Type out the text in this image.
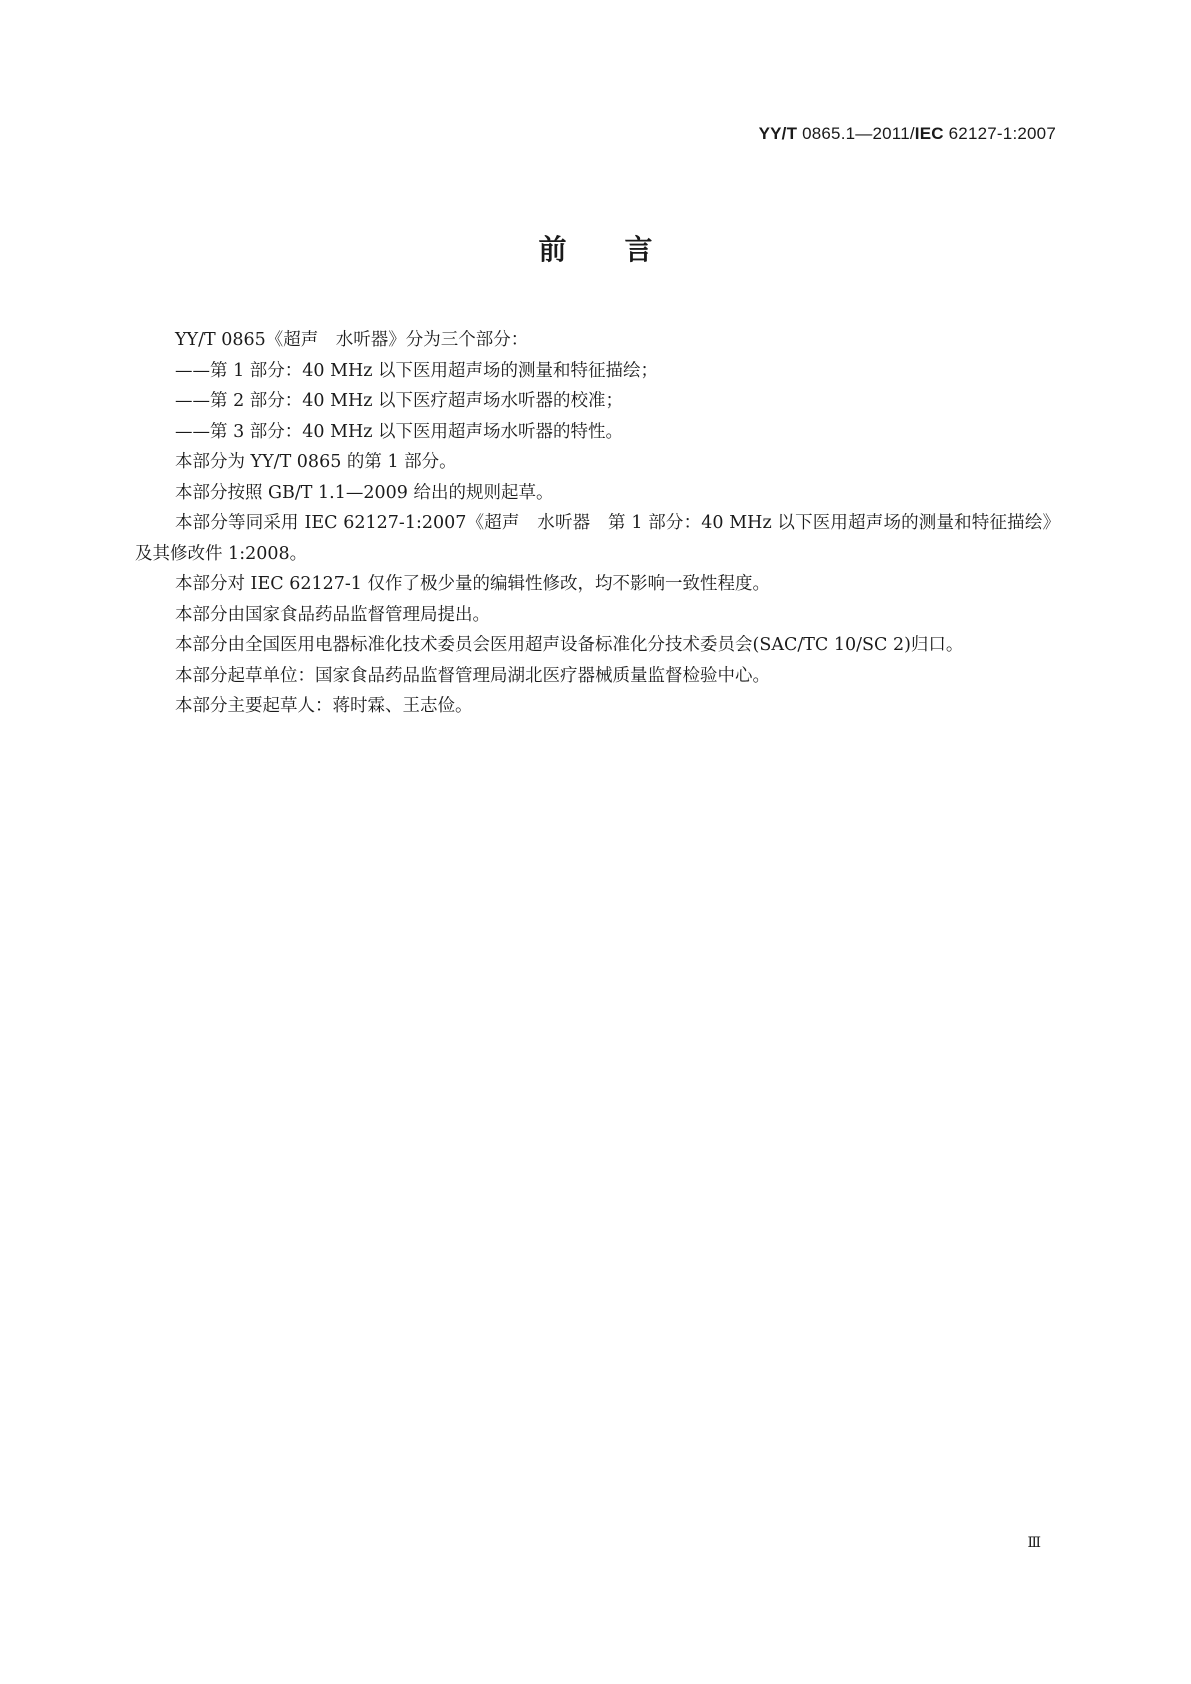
YY/T 0865.1—2011/IEC 62127-1:2007
前言

YY/T 0865《超声　水听器》分为三个部分：

——第 1 部分：40 MHz 以下医用超声场的测量和特征描绘；

——第 2 部分：40 MHz 以下医疗超声场水听器的校准；

——第 3 部分：40 MHz 以下医用超声场水听器的特性。

本部分为 YY/T 0865 的第 1 部分。

本部分按照 GB/T 1.1—2009 给出的规则起草。

本部分等同采用 IEC 62127-1:2007《超声　水听器　第 1 部分：40 MHz 以下医用超声场的测量和特征描绘》及其修改件 1:2008。

本部分对 IEC 62127-1 仅作了极少量的编辑性修改，均不影响一致性程度。

本部分由国家食品药品监督管理局提出。

本部分由全国医用电器标准化技术委员会医用超声设备标准化分技术委员会(SAC/TC 10/SC 2)归口。

本部分起草单位：国家食品药品监督管理局湖北医疗器械质量监督检验中心。

本部分主要起草人：蒋时霖、王志俭。

Ⅲ
